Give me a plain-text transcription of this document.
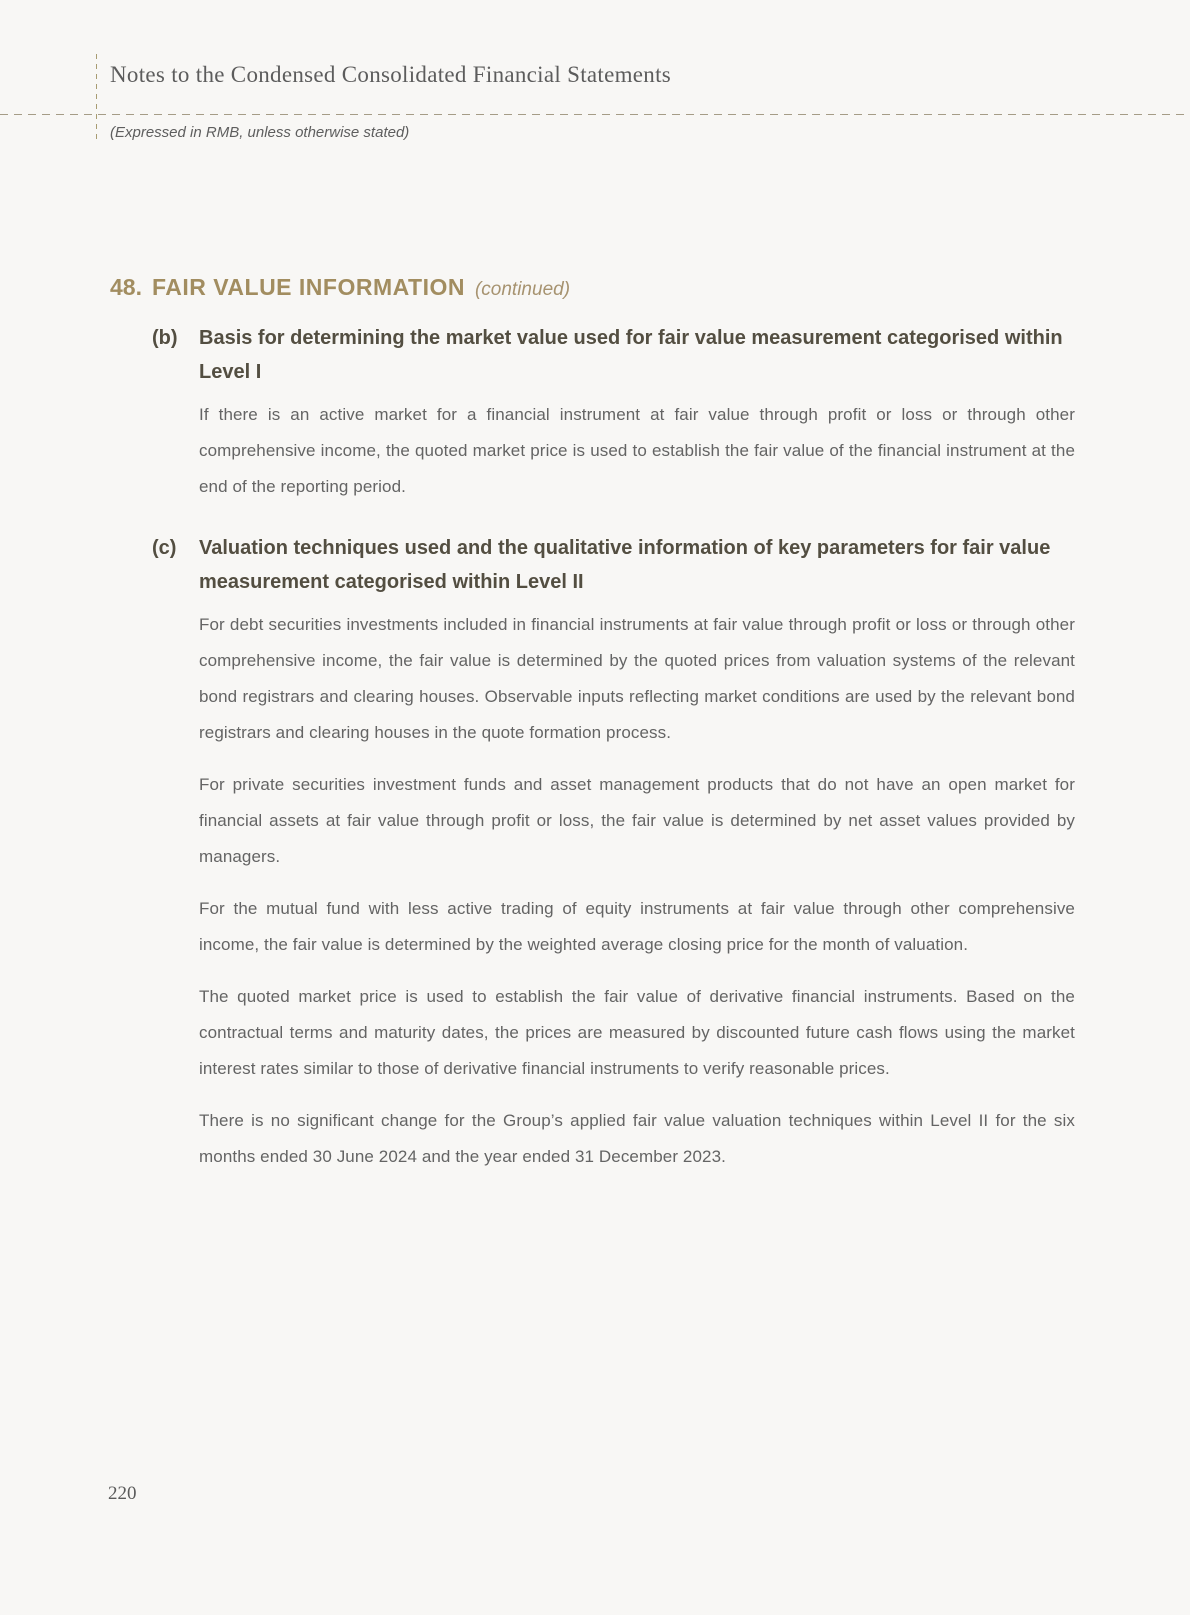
Notes to the Condensed Consolidated Financial Statements
(Expressed in RMB, unless otherwise stated)
48. FAIR VALUE INFORMATION (continued)
(b)	Basis for determining the market value used for fair value measurement categorised within Level I

If there is an active market for a financial instrument at fair value through profit or loss or through other comprehensive income, the quoted market price is used to establish the fair value of the financial instrument at the end of the reporting period.

(c)	Valuation techniques used and the qualitative information of key parameters for fair value measurement categorised within Level II

For debt securities investments included in financial instruments at fair value through profit or loss or through other comprehensive income, the fair value is determined by the quoted prices from valuation systems of the relevant bond registrars and clearing houses. Observable inputs reflecting market conditions are used by the relevant bond registrars and clearing houses in the quote formation process.

For private securities investment funds and asset management products that do not have an open market for financial assets at fair value through profit or loss, the fair value is determined by net asset values provided by managers.

For the mutual fund with less active trading of equity instruments at fair value through other comprehensive income, the fair value is determined by the weighted average closing price for the month of valuation.

The quoted market price is used to establish the fair value of derivative financial instruments. Based on the contractual terms and maturity dates, the prices are measured by discounted future cash flows using the market interest rates similar to those of derivative financial instruments to verify reasonable prices.

There is no significant change for the Group’s applied fair value valuation techniques within Level II for the six months ended 30 June 2024 and the year ended 31 December 2023.

220
